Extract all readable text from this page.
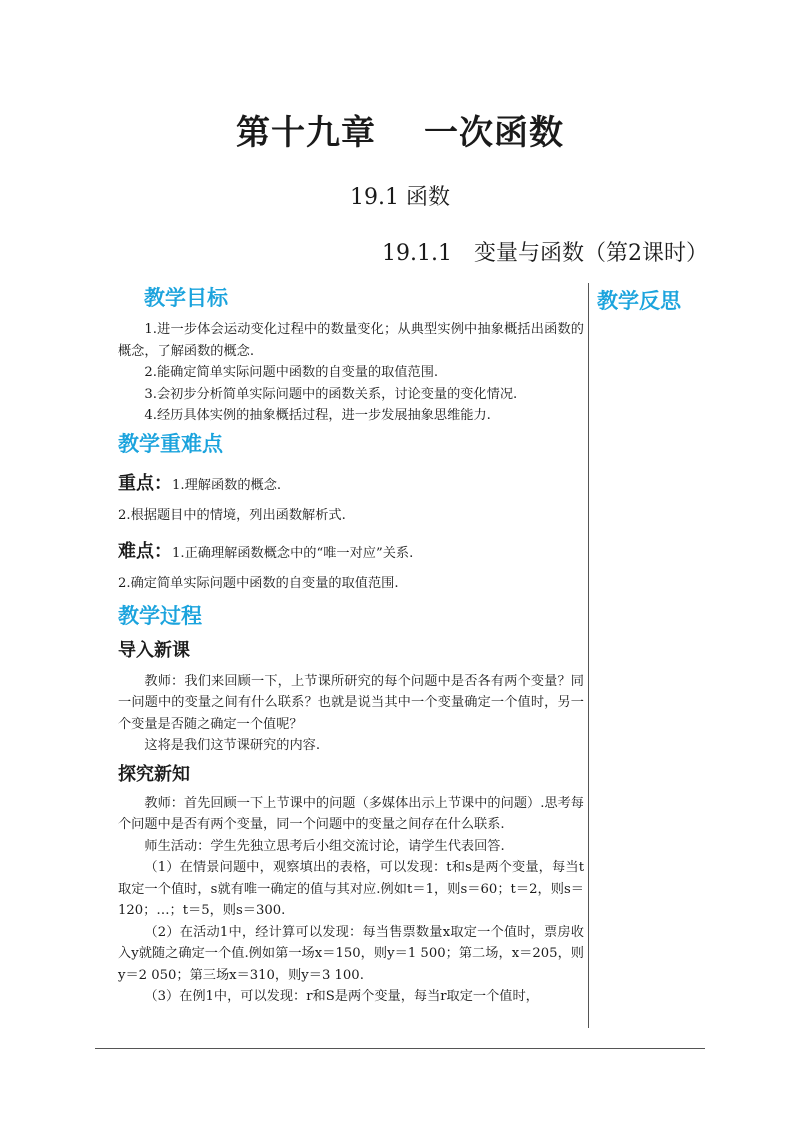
第十九章 一次函数
19.1 函数
19.1.1　变量与函数（第2课时）
教学反思
教学目标

1.进一步体会运动变化过程中的数量变化；从典型实例中抽象概括出函数的概念，了解函数的概念.

2.能确定简单实际问题中函数的自变量的取值范围.

3.会初步分析简单实际问题中的函数关系，讨论变量的变化情况.

4.经历具体实例的抽象概括过程，进一步发展抽象思维能力.

教学重难点

重点：1.理解函数的概念.

2.根据题目中的情境，列出函数解析式.

难点：1.正确理解函数概念中的“唯一对应”关系.

2.确定简单实际问题中函数的自变量的取值范围.

教学过程
导入新课

教师：我们来回顾一下，上节课所研究的每个问题中是否各有两个变量？同一问题中的变量之间有什么联系？也就是说当其中一个变量确定一个值时，另一个变量是否随之确定一个值呢？

这将是我们这节课研究的内容.

探究新知

教师：首先回顾一下上节课中的问题（多媒体出示上节课中的问题）.思考每个问题中是否有两个变量，同一个问题中的变量之间存在什么联系.

师生活动：学生先独立思考后小组交流讨论，请学生代表回答.

（1）在情景问题中，观察填出的表格，可以发现：t和s是两个变量，每当t取定一个值时，s就有唯一确定的值与其对应.例如t＝1，则s＝60；t＝2，则s＝120；…；t＝5，则s＝300.

（2）在活动1中，经计算可以发现：每当售票数量x取定一个值时，票房收入y就随之确定一个值.例如第一场x＝150，则y＝1 500；第二场，x＝205，则y＝2 050；第三场x＝310，则y＝3 100.

（3）在例1中，可以发现：r和S是两个变量，每当r取定一个值时，
